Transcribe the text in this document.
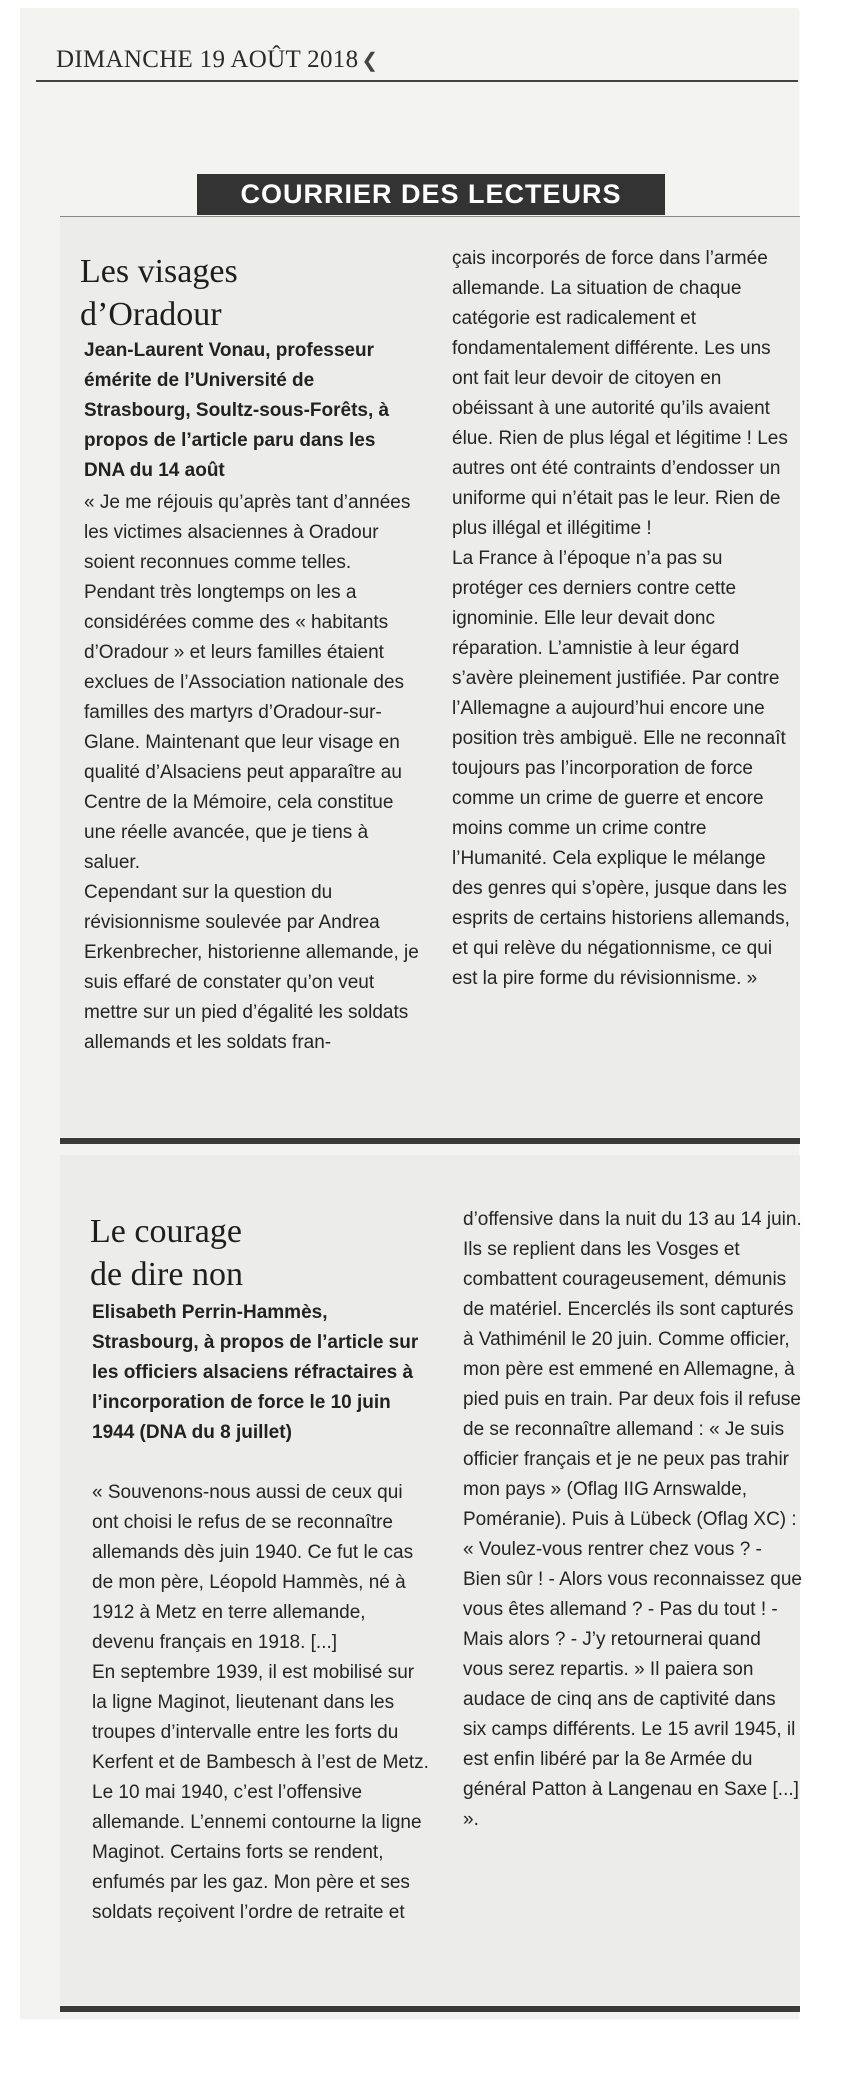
DIMANCHE 19 AOÛT 2018 ❮
COURRIER DES LECTEURS
Les visages
d’Oradour

Jean-Laurent Vonau, professeur émérite de l’Université de Strasbourg, Soultz-sous-Forêts, à propos de l’article paru dans les DNA du 14 août

« Je me réjouis qu’après tant d’années les victimes alsaciennes à Oradour soient reconnues comme telles. Pendant très longtemps on les a considérées comme des « habitants d’Oradour » et leurs familles étaient exclues de l’Association nationale des familles des martyrs d’Oradour-sur-Glane. Maintenant que leur visage en qualité d’Alsaciens peut apparaître au Centre de la Mémoire, cela constitue une réelle avancée, que je tiens à saluer.

Cependant sur la question du révisionnisme soulevée par Andrea Erkenbrecher, historienne allemande, je suis effaré de constater qu’on veut mettre sur un pied d’égalité les soldats allemands et les soldats fran-

çais incorporés de force dans l’armée allemande. La situation de chaque catégorie est radicalement et fondamentalement différente. Les uns ont fait leur devoir de citoyen en obéissant à une autorité qu’ils avaient élue. Rien de plus légal et légitime ! Les autres ont été contraints d’endosser un uniforme qui n’était pas le leur. Rien de plus illégal et illégitime !

La France à l’époque n’a pas su protéger ces derniers contre cette ignominie. Elle leur devait donc réparation. L’amnistie à leur égard s’avère pleinement justifiée. Par contre l’Allemagne a aujourd’hui encore une position très ambiguë. Elle ne reconnaît toujours pas l’incorporation de force comme un crime de guerre et encore moins comme un crime contre l’Humanité. Cela explique le mélange des genres qui s’opère, jusque dans les esprits de certains historiens allemands, et qui relève du négationnisme, ce qui est la pire forme du révisionnisme. »

Le courage
de dire non

Elisabeth Perrin-Hammès, Strasbourg, à propos de l’article sur les officiers alsaciens réfractaires à l’incorporation de force le 10 juin 1944 (DNA du 8 juillet)

« Souvenons-nous aussi de ceux qui ont choisi le refus de se reconnaître allemands dès juin 1940. Ce fut le cas de mon père, Léopold Hammès, né à 1912 à Metz en terre allemande, devenu français en 1918. [...]

En septembre 1939, il est mobilisé sur la ligne Maginot, lieutenant dans les troupes d’intervalle entre les forts du Kerfent et de Bambesch à l’est de Metz. Le 10 mai 1940, c’est l’offensive allemande. L’ennemi contourne la ligne Maginot. Certains forts se rendent, enfumés par les gaz. Mon père et ses soldats reçoivent l’ordre de retraite et

d’offensive dans la nuit du 13 au 14 juin. Ils se replient dans les Vosges et combattent courageusement, démunis de matériel. Encerclés ils sont capturés à Vathiménil le 20 juin. Comme officier, mon père est emmené en Allemagne, à pied puis en train. Par deux fois il refuse de se reconnaître allemand : « Je suis officier français et je ne peux pas trahir mon pays » (Oflag IIG Arnswalde, Poméranie). Puis à Lübeck (Oflag XC) : « Voulez-vous rentrer chez vous ? - Bien sûr ! - Alors vous reconnaissez que vous êtes allemand ? - Pas du tout ! - Mais alors ? - J’y retournerai quand vous serez repartis. » Il paiera son audace de cinq ans de captivité dans six camps différents. Le 15 avril 1945, il est enfin libéré par la 8e Armée du général Patton à Langenau en Saxe [...] ».
